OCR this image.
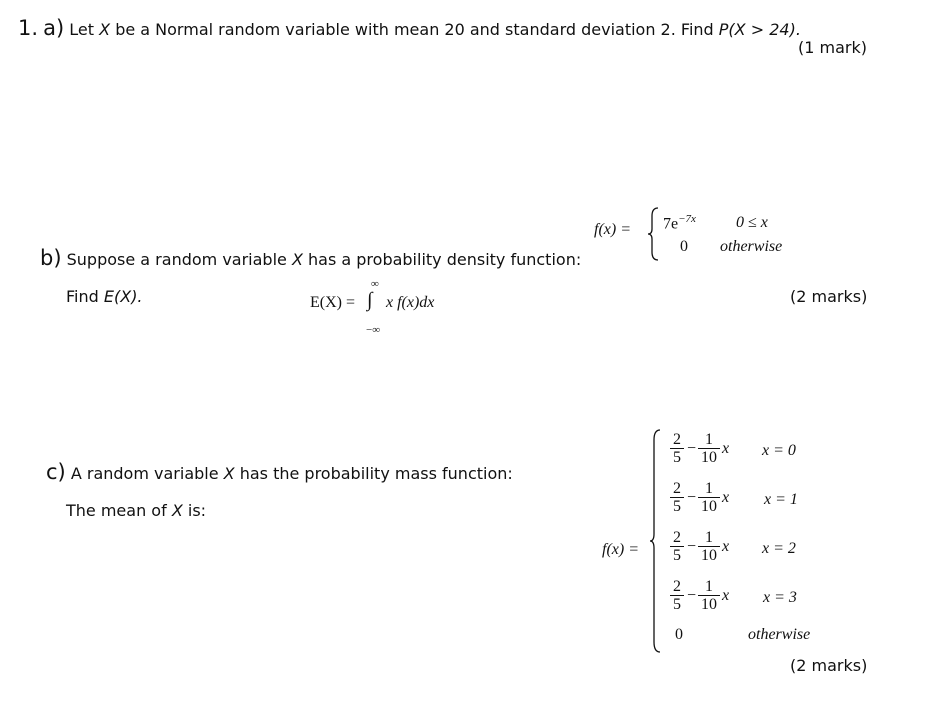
1. a) Let X be a Normal random variable with mean 20 and standard deviation 2. Find P(X > 24).
(1 mark)
b) Suppose a random variable X has a probability density function:
Find E(X).	(2 marks)
$f(x) = 7e^{-7x}$	0 ≤ x
0 otherwise
E(X) =
∞
∫
−∞
x f(x)dx
c) A random variable X has the probability mass function:
The mean of X is:
f(x) =
2
5
−
1
10
x x = 0
2
5
−
1
10
x x = 1
2
5
−
1
10
x x = 2
2
5
−
1
10
x x = 3
0	otherwise
(2 marks)
